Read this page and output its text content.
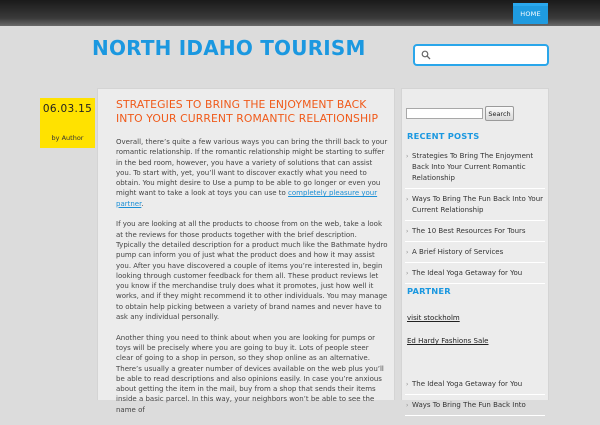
HOME
NORTH IDAHO TOURISM
06.03.15
by Author
STRATEGIES TO BRING THE ENJOYMENT BACK INTO YOUR CURRENT ROMANTIC RELATIONSHIP

Overall, there’s quite a few various ways you can bring the thrill back to your romantic relationship. If the romantic relationship might be starting to suffer in the bed room, however, you have a variety of solutions that can assist you. To start with, yet, you’ll want to discover exactly what you need to obtain. You might desire to Use a pump to be able to go longer or even you might want to take a look at toys you can use to completely pleasure your partner.

If you are looking at all the products to choose from on the web, take a look at the reviews for those products together with the brief description. Typically the detailed description for a product much like the Bathmate hydro pump can inform you of just what the product does and how it may assist you. After you have discovered a couple of items you’re interested in, begin looking through customer feedback for them all. These product reviews let you know if the merchandise truly does what it promotes, just how well it works, and if they might recommend it to other individuals. You may manage to obtain help picking between a variety of brand names and never have to ask any individual personally.

Another thing you need to think about when you are looking for pumps or toys will be precisely where you are going to buy it. Lots of people steer clear of going to a shop in person, so they shop online as an alternative. There’s usually a greater number of devices available on the web plus you’ll be able to read descriptions and also opinions easily. In case you’re anxious about getting the item in the mail, buy from a shop that sends their items inside a basic parcel. In this way, your neighbors won’t be able to see the name of

Search
RECENT POSTS
› Strategies To Bring The Enjoyment Back Into Your Current Romantic Relationship
› Ways To Bring The Fun Back Into Your Current Relationship
› The 10 Best Resources For Tours
› A Brief History of Services
› The Ideal Yoga Getaway for You
PARTNER
visit stockholm
Ed Hardy Fashions Sale
› The Ideal Yoga Getaway for You
› Ways To Bring The Fun Back Into
